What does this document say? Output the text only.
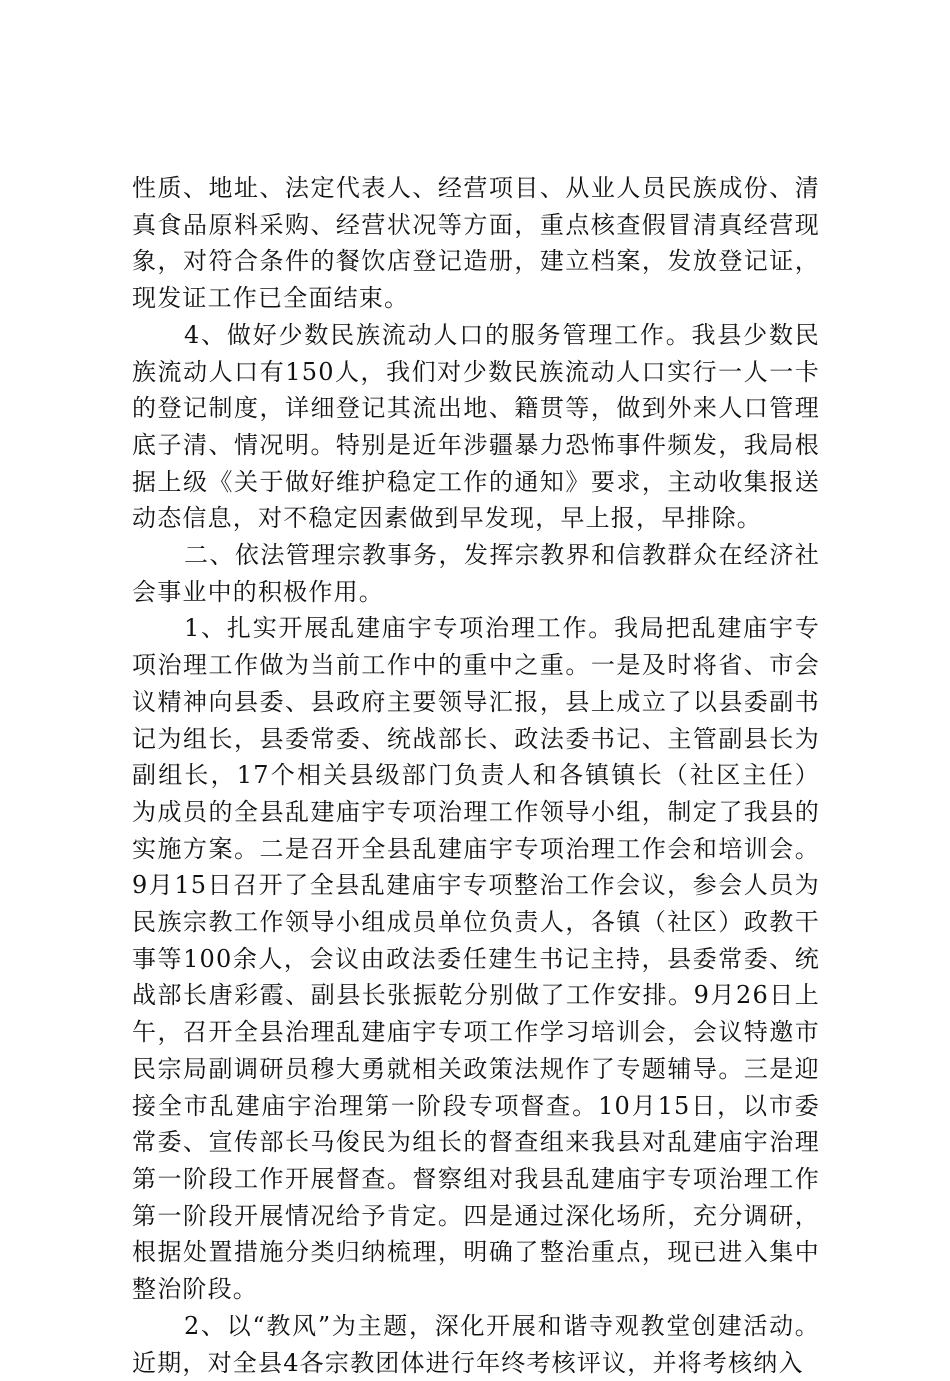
性质、地址、法定代表人、经营项目、从业人员民族成份、清真食品原料采购、经营状况等方面，重点核查假冒清真经营现象，对符合条件的餐饮店登记造册，建立档案，发放登记证，现发证工作已全面结束。

4、做好少数民族流动人口的服务管理工作。我县少数民族流动人口有150人，我们对少数民族流动人口实行一人一卡的登记制度，详细登记其流出地、籍贯等，做到外来人口管理底子清、情况明。特别是近年涉疆暴力恐怖事件频发，我局根据上级《关于做好维护稳定工作的通知》要求，主动收集报送动态信息，对不稳定因素做到早发现，早上报，早排除。

二、依法管理宗教事务，发挥宗教界和信教群众在经济社会事业中的积极作用。

1、扎实开展乱建庙宇专项治理工作。我局把乱建庙宇专项治理工作做为当前工作中的重中之重。一是及时将省、市会议精神向县委、县政府主要领导汇报，县上成立了以县委副书记为组长，县委常委、统战部长、政法委书记、主管副县长为副组长，17个相关县级部门负责人和各镇镇长（社区主任）为成员的全县乱建庙宇专项治理工作领导小组，制定了我县的实施方案。二是召开全县乱建庙宇专项治理工作会和培训会。9月15日召开了全县乱建庙宇专项整治工作会议，参会人员为民族宗教工作领导小组成员单位负责人，各镇（社区）政教干事等100余人，会议由政法委任建生书记主持，县委常委、统战部长唐彩霞、副县长张振乾分别做了工作安排。9月26日上午，召开全县治理乱建庙宇专项工作学习培训会，会议特邀市民宗局副调研员穆大勇就相关政策法规作了专题辅导。三是迎接全市乱建庙宇治理第一阶段专项督查。10月15日，以市委常委、宣传部长马俊民为组长的督查组来我县对乱建庙宇治理第一阶段工作开展督查。督察组对我县乱建庙宇专项治理工作第一阶段开展情况给予肯定。四是通过深化场所，充分调研，根据处置措施分类归纳梳理，明确了整治重点，现已进入集中整治阶段。

2、以“教风”为主题，深化开展和谐寺观教堂创建活动。近期，对全县4各宗教团体进行年终考核评议，并将考核纳入
